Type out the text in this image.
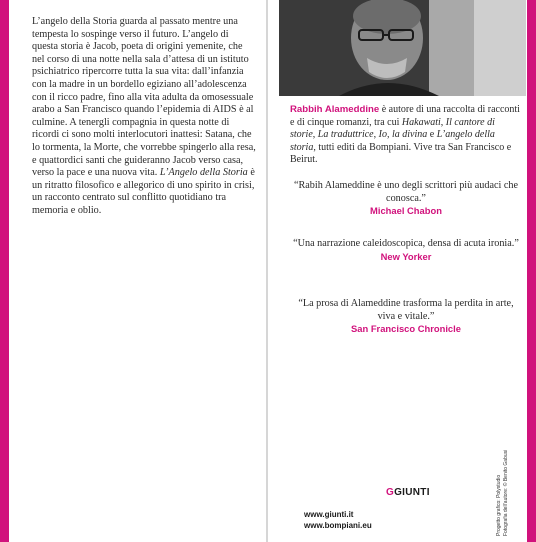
L’angelo della Storia guarda al passato mentre una tempesta lo sospinge verso il futuro. L’angelo di questa storia è Jacob, poeta di origini yemenite, che nel corso di una notte nella sala d’attesa di un istituto psichiatrico ripercorre tutta la sua vita: dall’infanzia con la madre in un bordello egiziano all’adolescenza con il ricco padre, fino alla vita adulta da omosessuale arabo a San Francisco quando l’epidemia di AIDS è al culmine. A tenergli compagnia in questa notte di ricordi ci sono molti interlocutori inattesi: Satana, che lo tormenta, la Morte, che vorrebbe spingerlo alla resa, e quattordici santi che guideranno Jacob verso casa, verso la pace e una nuova vita. L’Angelo della Storia è un ritratto filosofico e allegorico di uno spirito in crisi, un racconto centrato sul conflitto quotidiano tra memoria e oblio.
Rabbih Alameddine è autore di una raccolta di racconti e di cinque romanzi, tra cui Hakawati, Il cantore di storie, La traduttrice, Io, la divina e L’angelo della storia, tutti editi da Bompiani. Vive tra San Francisco e Beirut.
“Rabih Alameddine è uno degli scrittori più audaci che conosca.”
Michael Chabon
“Una narrazione caleidoscopica, densa di acuta ironia.”
New Yorker
“La prosa di Alameddine trasforma la perdita in arte, viva e vitale.”
San Francisco Chronicle
GGIUNTI
www.giunti.it
www.bompiani.eu	Progetto grafico: Polystudio Fotografia dell’autore: © Benito Gabusi
